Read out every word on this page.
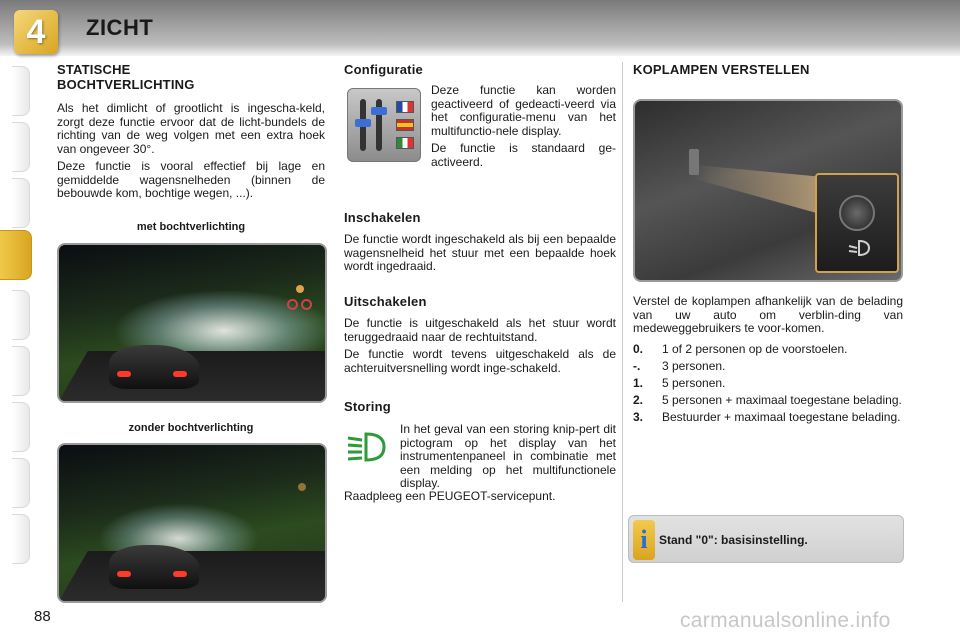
4	ZICHT
STATISCHE
BOCHTVERLICHTING

Als het dimlicht of grootlicht is ingescha-keld, zorgt deze functie ervoor dat de licht-bundels de richting van de weg volgen met een extra hoek van ongeveer 30°.

Deze functie is vooral effectief bij lage en gemiddelde wagensnelheden (binnen de bebouwde kom, bochtige wegen, ...).

met bochtverlichting
zonder bochtverlichting
Configuratie

Deze functie kan worden geactiveerd of gedeacti-veerd via het configuratie-menu van het multifunctio-nele display.

De functie is standaard ge-activeerd.

Inschakelen

De functie wordt ingeschakeld als bij een bepaalde wagensnelheid het stuur met een bepaalde hoek wordt ingedraaid.

Uitschakelen

De functie is uitgeschakeld als het stuur wordt teruggedraaid naar de rechtuitstand.

De functie wordt tevens uitgeschakeld als de achteruitversnelling wordt inge-schakeld.

Storing

In het geval van een storing knip-pert dit pictogram op het display van het instrumentenpaneel in combinatie met een melding op het multifunctionele display.

Raadpleeg een PEUGEOT-servicepunt.

KOPLAMPEN VERSTELLEN

Verstel de koplampen afhankelijk van de belading van uw auto om verblin-ding van medeweggebruikers te voor-komen.

0. 1 of 2 personen op de voorstoelen.
-. 3 personen.
1. 5 personen.
2. 5 personen + maximaal toegestane belading.
3. Bestuurder + maximaal toegestane belading.
i Stand "0": basisinstelling.
88	carmanualsonline.info
